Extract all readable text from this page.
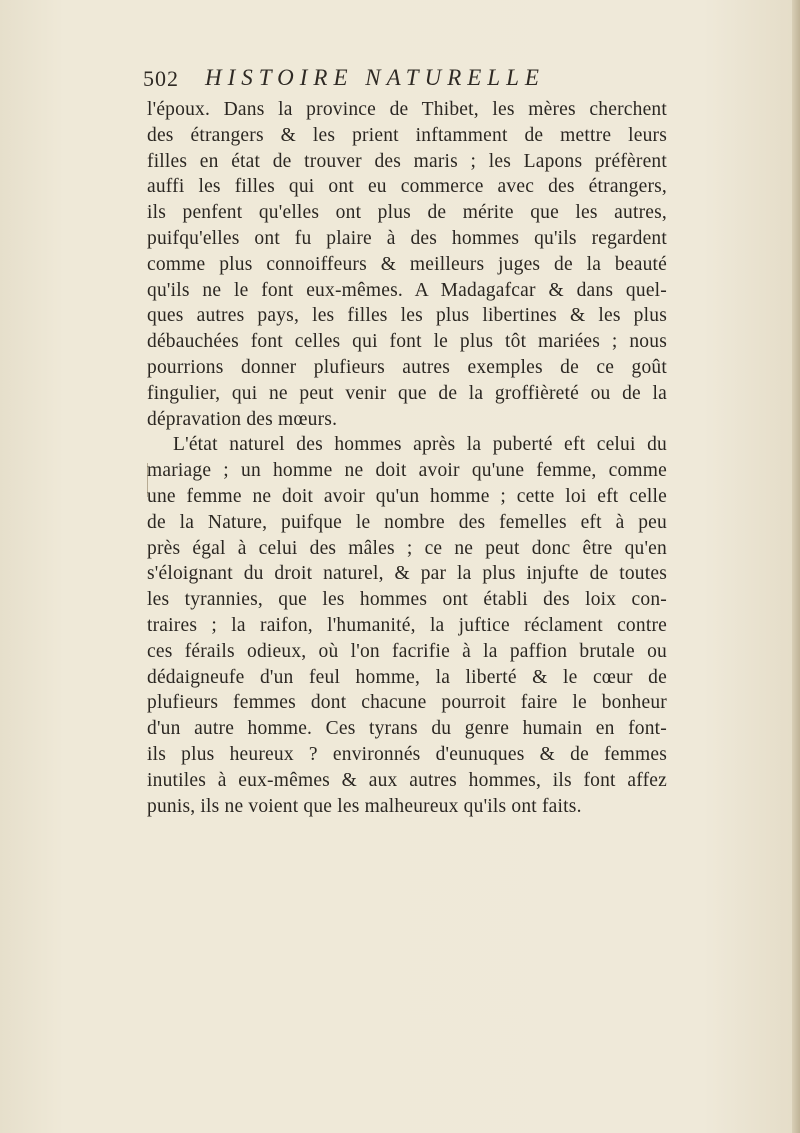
502 HISTOIRE NATURELLE
l'époux. Dans la province de Thibet, les mères cherchent
des étrangers & les prient inftamment de mettre leurs
filles en état de trouver des maris ; les Lapons préfèrent
auffi les filles qui ont eu commerce avec des étrangers,
ils penfent qu'elles ont plus de mérite que les autres,
puifqu'elles ont fu plaire à des hommes qu'ils regardent
comme plus connoiffeurs & meilleurs juges de la beauté
qu'ils ne le font eux-mêmes. A Madagafcar & dans quel-
ques autres pays, les filles les plus libertines & les plus
débauchées font celles qui font le plus tôt mariées ; nous
pourrions donner plufieurs autres exemples de ce goût
fingulier, qui ne peut venir que de la groffièreté ou de la
dépravation des mœurs.
L'état naturel des hommes après la puberté eft celui du
mariage ; un homme ne doit avoir qu'une femme, comme
une femme ne doit avoir qu'un homme ; cette loi eft celle
de la Nature, puifque le nombre des femelles eft à peu
près égal à celui des mâles ; ce ne peut donc être qu'en
s'éloignant du droit naturel, & par la plus injufte de toutes
les tyrannies, que les hommes ont établi des loix con-
traires ; la raifon, l'humanité, la juftice réclament contre
ces férails odieux, où l'on facrifie à la paffion brutale ou
dédaigneufe d'un feul homme, la liberté & le cœur de
plufieurs femmes dont chacune pourroit faire le bonheur
d'un autre homme. Ces tyrans du genre humain en font-
ils plus heureux ? environnés d'eunuques & de femmes
inutiles à eux-mêmes & aux autres hommes, ils font affez
punis, ils ne voient que les malheureux qu'ils ont faits.
